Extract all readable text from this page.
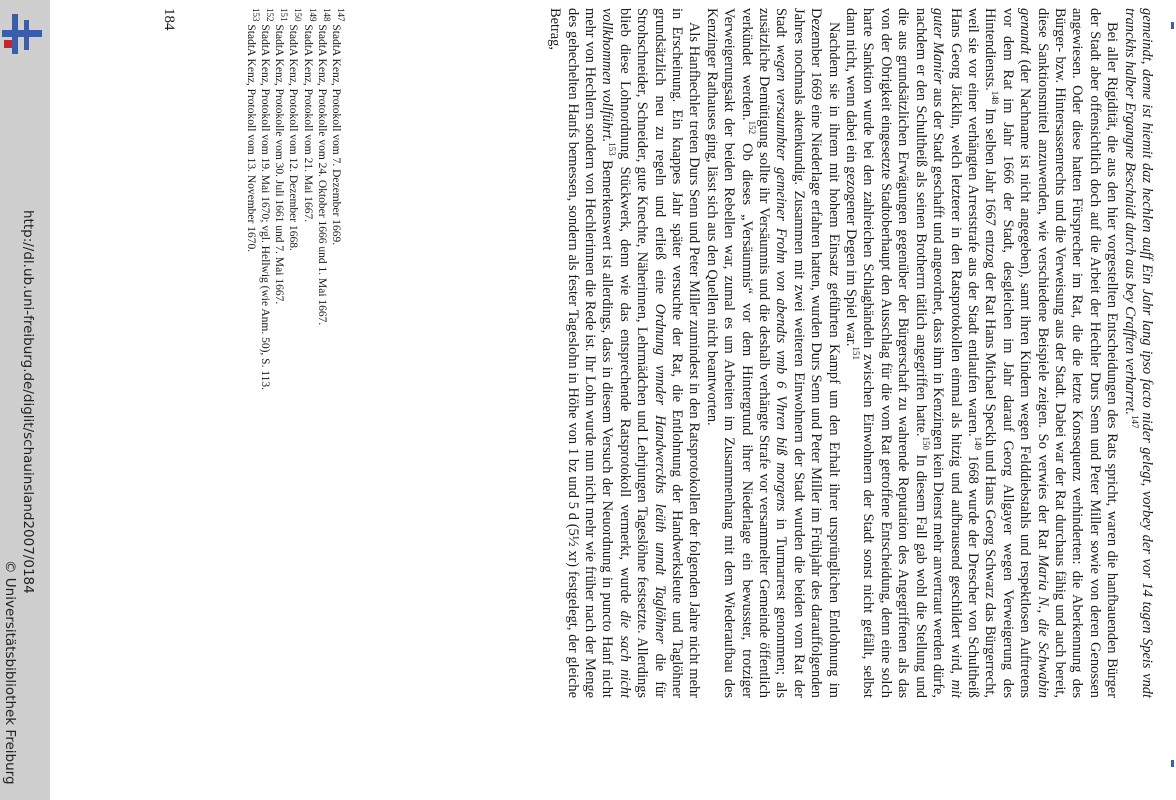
http://dl.ub.uni-freiburg.de/diglit/schauinsland2007/0184
© Universitätsbibliothek Freiburg	gemeindt, deme ist hiemit daz hechlen auff Ein Jahr lang ipso facto nider gelegt, vorbey der vor 14 tagen Speis vndt tranckhs halber Ergangne Beschaidt durch aus bey Crafften verharret.$^{147}$

Bei aller Rigidität, die aus den hier vorgestellten Entscheidungen des Rats spricht, waren die hanfbauenden Bürger der Stadt aber offensichtlich doch auf die Arbeit der Hechler Durs Senn und Peter Miller sowie von deren Genossen angewiesen. Oder diese hatten Fürsprecher im Rat, die die letzte Konsequenz verhinderten: die Aberkennung des Bürger- bzw. Hintersassenrechts und die Verweisung aus der Stadt. Dabei war der Rat durchaus fähig und auch bereit, diese Sanktionsmittel anzuwenden, wie verschiedene Beispiele zeigen. So verwies der Rat Maria N., die Schwabin genandt (der Nachname ist nicht angegeben), samt ihren Kindern wegen Felddiebstahls und respektlosen Auftretens vor dem Rat im Jahr 1666 der Stadt, desgleichen im Jahr darauf Georg Allgayer wegen Verweigerung des Hintendiensts.$^{148}$ Im selben Jahr 1667 entzog der Rat Hans Michael Speckh und Hans Georg Schwarz das Bürgerrecht, weil sie vor einer verhängten Arreststrafe aus der Stadt entlaufen waren.$^{149}$ 1668 wurde der Drescher von Schultheiß Hans Georg Jäcklin, welch letzterer in den Ratsprotokollen einmal als hitzig und aufbrausend geschildert wird, mit guter Manier aus der Stadt geschafft und angeordnet, dass ihm in Kenzingen kein Dienst mehr anvertraut werden dürfe, nachdem er den Schultheiß als seinen Brotherrn tätlich angegriffen hatte.$^{150}$ In diesem Fall gab wohl die Stellung und die aus grundsätzlichen Erwägungen gegenüber der Bürgerschaft zu wahrende Reputation des Angegriffenen als das von der Obrigkeit eingesetzte Stadtoberhaupt den Ausschlag für die vom Rat getroffene Entscheidung, denn eine solch harte Sanktion wurde bei den zahlreichen Schlaghändeln zwischen Einwohnern der Stadt sonst nicht gefällt, selbst dann nicht, wenn dabei ein gezogener Degen im Spiel war.$^{151}$

Nachdem sie in ihrem mit hohem Einsatz geführten Kampf um den Erhalt ihrer ursprünglichen Entlohnung im Dezember 1669 eine Niederlage erfahren hatten, wurden Durs Senn und Peter Miller im Frühjahr des darauffolgenden Jahres nochmals aktenkundig. Zusammen mit zwei weiteren Einwohnern der Stadt wurden die beiden vom Rat der Stadt wegen versaumbter gemeiner Frohn von abendts vmb 6 Vhren biß morgens in Turmarrest genommen; als zusätzliche Demütigung sollte ihr Versäumnis und die deshalb verhängte Strafe vor versammelter Gemeinde öffentlich verkündet werden.$^{152}$ Ob dieses „Versäumnis“ vor dem Hintergrund ihrer Niederlage ein bewusster, trotziger Verweigerungsakt der beiden Rebellen war, zumal es um Arbeiten im Zusammenhang mit dem Wiederaufbau des Kenzinger Rathauses ging, lässt sich aus den Quellen nicht beantworten.

Als Hanfhechler treten Durs Senn und Peter Miller zumindest in den Ratsprotokollen der folgenden Jahre nicht mehr in Erscheinung. Ein knappes Jahr später versuchte der Rat, die Entlohnung der Handwerksleute und Taglöhner grundsätzlich neu zu regeln und erließ eine Ordnung vnnder Handwerckhs leüth unndt Taglöhner die für Strohschneider, Schneider, gute Knechte, Näherinnen, Lehrmädchen und Lehrjungen Tageslöhne festsetzte. Allerdings blieb diese Lohnordnung Stückwerk, denn wie das entsprechende Ratsprotokoll vermerkt, wurde die sach nicht vollkhommen vollführt.$^{153}$ Bemerkenswert ist allerdings, dass in diesem Versuch der Neuordnung in puncto Hanf nicht mehr von Hechlern sondern von Hechlerinnen die Rede ist. Ihr Lohn wurde nun nicht mehr wie früher nach der Menge des gehechelten Hanfs bemessen, sondern als fester Tageslohn in Höhe von 1 bz und 5 d (5½ xr) festgelegt, der gleiche Betrag,

$^{147}$ StadtA Kenz, Protokoll vom 7. Dezember 1669.
$^{148}$ StadtA Kenz, Protokolle vom 24. Oktober 1666 und 1. Mai 1667.
$^{149}$ StadtA Kenz, Protokoll vom 21. Mai 1667.
$^{150}$ StadtA Kenz, Protokoll vom 12. Dezember 1668.
$^{151}$ StadtA Kenz, Protokolle vom 30. Juli 1661 und 7. Mai 1667.
$^{152}$ StadtA Kenz, Protokoll vom 19. Mai 1670; vgl. Hellwig (wie Anm. 50), S. 113.
$^{153}$ StadtA Kenz, Protokoll vom 13. November 1670.
184
